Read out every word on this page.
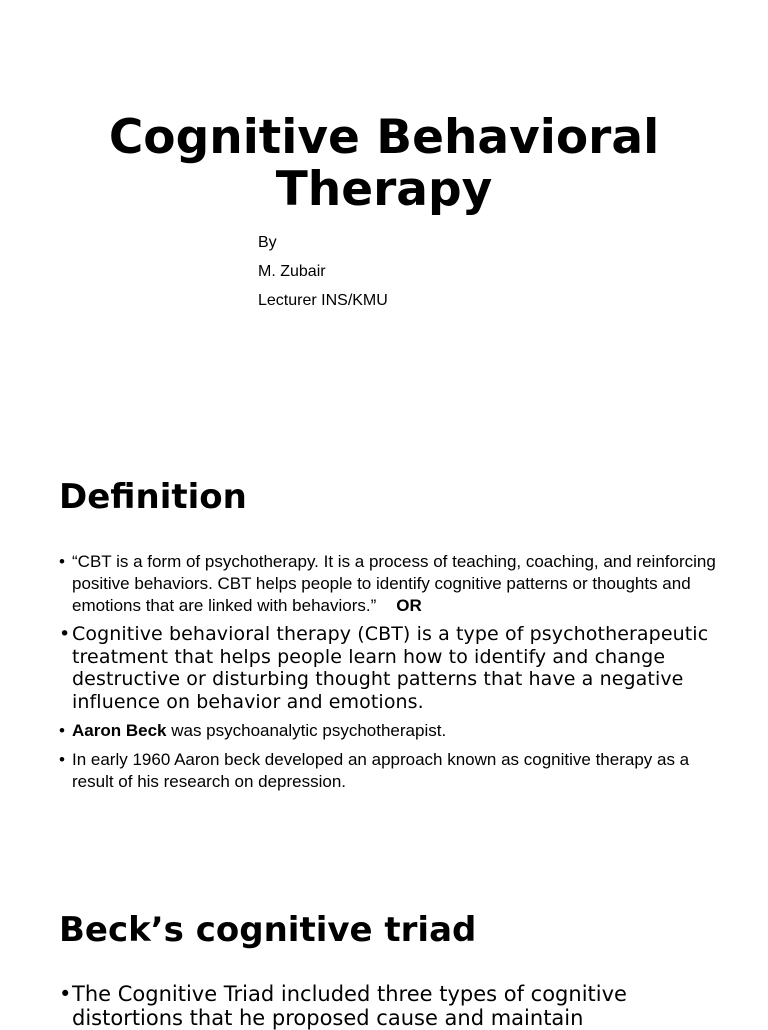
Cognitive Behavioral
Therapy
By
M. Zubair
Lecturer INS/KMU
Definition
• “CBT is a form of psychotherapy. It is a process of teaching, coaching, and reinforcing positive behaviors. CBT helps people to identify cognitive patterns or thoughts and emotions that are linked with behaviors.” OR
• Cognitive behavioral therapy (CBT) is a type of psychotherapeutic treatment that helps people learn how to identify and change destructive or disturbing thought patterns that have a negative influence on behavior and emotions.
• Aaron Beck was psychoanalytic psychotherapist.
• In early 1960 Aaron beck developed an approach known as cognitive therapy as a result of his research on depression.
Beck’s cognitive triad
• The Cognitive Triad included three types of cognitive distortions that he proposed cause and maintain
